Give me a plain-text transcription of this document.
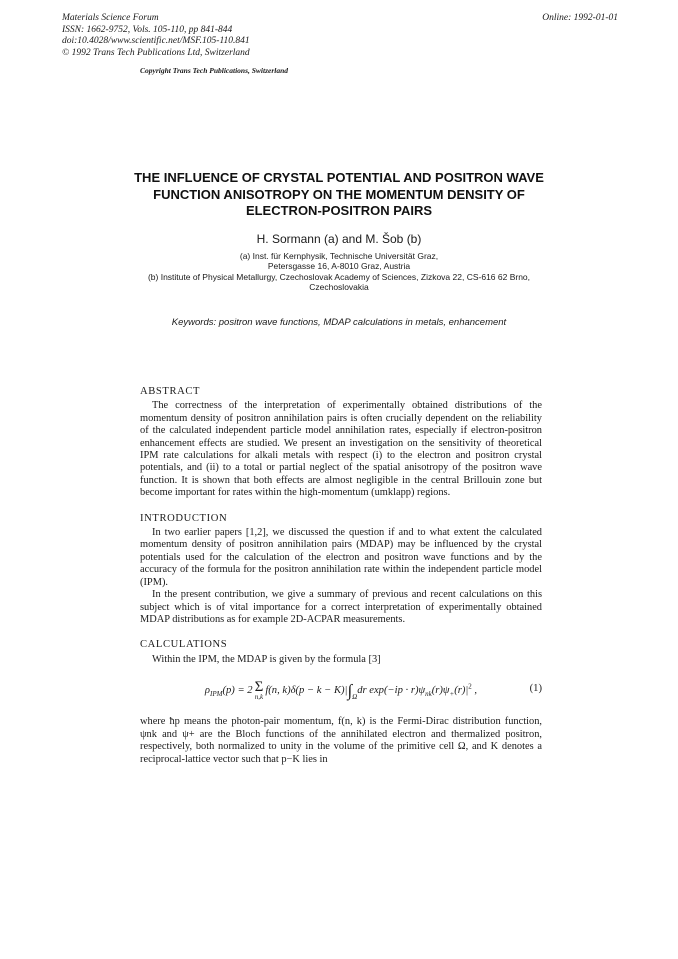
Materials Science Forum
ISSN: 1662-9752, Vols. 105-110, pp 841-844
doi:10.4028/www.scientific.net/MSF.105-110.841
© 1992 Trans Tech Publications Ltd, Switzerland
Online: 1992-01-01
Copyright Trans Tech Publications, Switzerland
THE INFLUENCE OF CRYSTAL POTENTIAL AND POSITRON WAVE FUNCTION ANISOTROPY ON THE MOMENTUM DENSITY OF ELECTRON-POSITRON PAIRS
H. Sormann (a) and M. Šob (b)
(a) Inst. für Kernphysik, Technische Universität Graz,
Petersgasse 16, A-8010 Graz, Austria
(b) Institute of Physical Metallurgy, Czechoslovak Academy of Sciences, Zizkova 22, CS-616 62 Brno,
Czechoslovakia
Keywords: positron wave functions, MDAP calculations in metals, enhancement
ABSTRACT

The correctness of the interpretation of experimentally obtained distributions of the momentum density of positron annihilation pairs is often crucially dependent on the reliability of the calculated independent particle model annihilation rates, especially if electron-positron enhancement effects are studied. We present an investigation on the sensitivity of theoretical IPM rate calculations for alkali metals with respect (i) to the electron and positron crystal potentials, and (ii) to a total or partial neglect of the spatial anisotropy of the positron wave function. It is shown that both effects are almost negligible in the central Brillouin zone but become important for rates within the high-momentum (umklapp) regions.

INTRODUCTION

In two earlier papers [1,2], we discussed the question if and to what extent the calculated momentum density of positron annihilation pairs (MDAP) may be influenced by the crystal potentials used for the calculation of the electron and positron wave functions and by the accuracy of the formula for the positron annihilation rate within the independent particle model (IPM).

In the present contribution, we give a summary of previous and recent calculations on this subject which is of vital importance for a correct interpretation of experimentally obtained MDAP distributions as for example 2D-ACPAR measurements.

CALCULATIONS

Within the IPM, the MDAP is given by the formula [3]

$\rho_{IPM}(p) = 2$ Σ
n,k
f(n, $k)\delta(p - k - K)|\int_\Omega dr$ $\exp(-ip \cdot r)\psi_{nk}(r)\psi_+(r)|^2$ ,	(1)

where ħp means the photon-pair momentum, f(n, k) is the Fermi-Dirac distribution function, ψnk and ψ+ are the Bloch functions of the annihilated electron and thermalized positron, respectively, both normalized to unity in the volume of the primitive cell Ω, and K denotes a reciprocal-lattice vector such that p−K lies in
